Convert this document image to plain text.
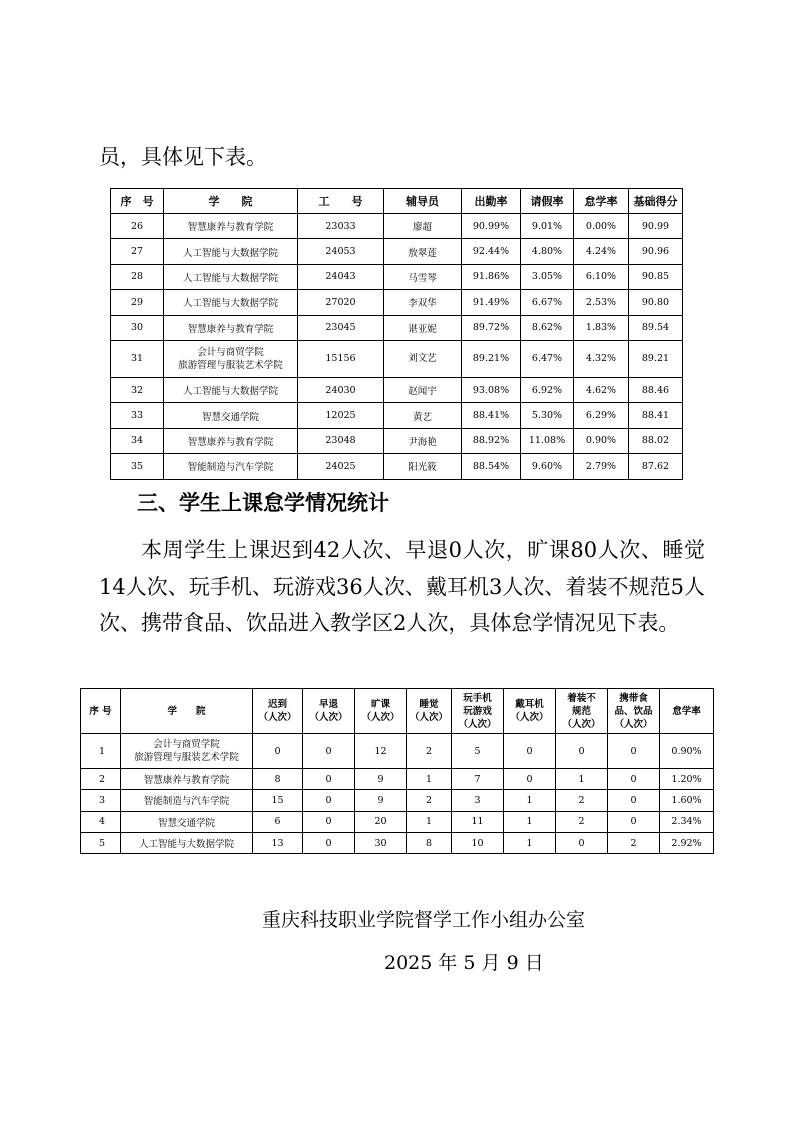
员，具体见下表。

序　号	学　　院	工　　号	辅导员	出勤率	请假率	怠学率	基础得分
26	智慧康养与教育学院	23033	廖超	90.99%	9.01%	0.00%	90.99
27	人工智能与大数据学院	24053	敖翠莲	92.44%	4.80%	4.24%	90.96
28	人工智能与大数据学院	24043	马雪琴	91.86%	3.05%	6.10%	90.85
29	人工智能与大数据学院	27020	李双华	91.49%	6.67%	2.53%	90.80
30	智慧康养与教育学院	23045	谌亚妮	89.72%	8.62%	1.83%	89.54
31	会计与商贸学院
旅游管理与服装艺术学院	15156	刘文艺	89.21%	6.47%	4.32%	89.21
32	人工智能与大数据学院	24030	赵闻宇	93.08%	6.92%	4.62%	88.46
33	智慧交通学院	12025	黄艺	88.41%	5.30%	6.29%	88.41
34	智慧康养与教育学院	23048	尹海艳	88.92%	11.08%	0.90%	88.02
35	智能制造与汽车学院	24025	阳光筱	88.54%	9.60%	2.79%	87.62

三、学生上课怠学情况统计

本周学生上课迟到42人次、早退0人次，旷课80人次、睡觉14人次、玩手机、玩游戏36人次、戴耳机3人次、着装不规范5人次、携带食品、饮品进入教学区2人次，具体怠学情况见下表。

序 号	学　　院	迟到
（人次）	早退
（人次）	旷课
（人次）	睡觉
（人次）	玩手机
玩游戏
（人次）	戴耳机
（人次）	着装不
规范
（人次）	携带食
品、饮品
（人次）	怠学率
1	会计与商贸学院
旅游管理与服装艺术学院	0	0	12	2	5	0	0	0	0.90%
2	智慧康养与教育学院	8	0	9	1	7	0	1	0	1.20%
3	智能制造与汽车学院	15	0	9	2	3	1	2	0	1.60%
4	智慧交通学院	6	0	20	1	11	1	2	0	2.34%
5	人工智能与大数据学院	13	0	30	8	10	1	0	2	2.92%

重庆科技职业学院督学工作小组办公室

2025 年 5 月 9 日
